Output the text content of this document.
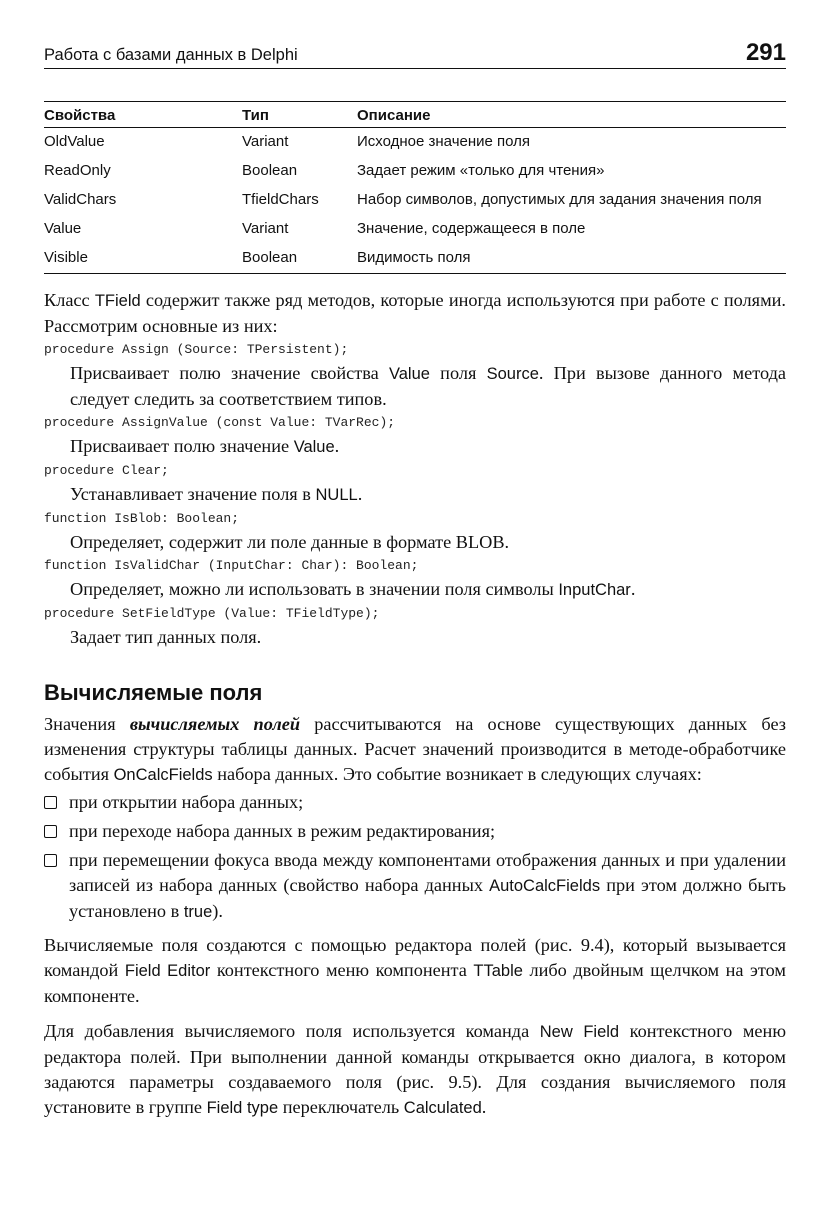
Работа с базами данных в Delphi	291
Свойства	Тип	Описание
OldValue	Variant	Исходное значение поля
ReadOnly	Boolean	Задает режим «только для чтения»
ValidChars	TfieldChars	Набор символов, допустимых для задания значения поля
Value	Variant	Значение, содержащееся в поле
Visible	Boolean	Видимость поля

Класс TField содержит также ряд методов, которые иногда используются при работе с полями. Рассмотрим основные из них:

procedure Assign (Source: TPersistent);

Присваивает полю значение свойства Value поля Source. При вызове данного метода следует следить за соответствием типов.

procedure AssignValue (const Value: TVarRec);

Присваивает полю значение Value.

procedure Clear;

Устанавливает значение поля в NULL.

function IsBlob: Boolean;

Определяет, содержит ли поле данные в формате BLOB.

function IsValidChar (InputChar: Char): Boolean;

Определяет, можно ли использовать в значении поля символы InputChar.

procedure SetFieldType (Value: TFieldType);

Задает тип данных поля.

Вычисляемые поля

Значения вычисляемых полей рассчитываются на основе существующих данных без изменения структуры таблицы данных. Расчет значений производится в методе-обработчике события OnCalcFields набора данных. Это событие возникает в следующих случаях:

при открытии набора данных;
при переходе набора данных в режим редактирования;
при перемещении фокуса ввода между компонентами отображения данных и при удалении записей из набора данных (свойство набора данных AutoCalcFields при этом должно быть установлено в true).

Вычисляемые поля создаются с помощью редактора полей (рис. 9.4), который вызывается командой Field Editor контекстного меню компонента TTable либо двойным щелчком на этом компоненте.

Для добавления вычисляемого поля используется команда New Field контекстного меню редактора полей. При выполнении данной команды открывается окно диалога, в котором задаются параметры создаваемого поля (рис. 9.5). Для создания вычисляемого поля установите в группе Field type переключатель Calculated.
